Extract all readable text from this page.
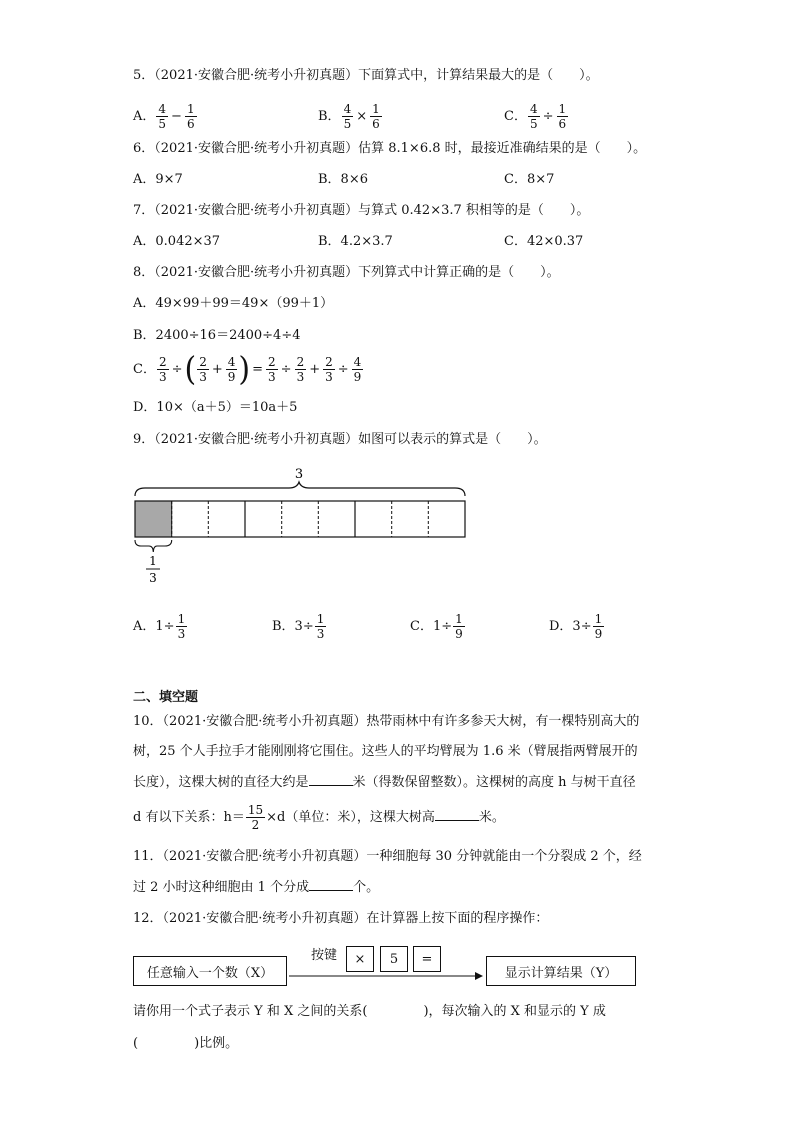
5．（2021·安徽合肥·统考小升初真题）下面算式中，计算结果最大的是（　　）。
A． $\frac{4}{5} - \frac{1}{6}$	B． $\frac{4}{5} \times \frac{1}{6}$	C． $\frac{4}{5} \div \frac{1}{6}$
6．（2021·安徽合肥·统考小升初真题）估算 8.1×6.8 时，最接近准确结果的是（　　）。
A．9×7	B．8×6	C．8×7
7．（2021·安徽合肥·统考小升初真题）与算式 0.42×3.7 积相等的是（　　）。
A．0.042×37	B．4.2×3.7	C．42×0.37
8．（2021·安徽合肥·统考小升初真题）下列算式中计算正确的是（　　）。
A．49×99＋99＝49×（99＋1）
B．2400÷16＝2400÷4÷4
C． $\frac{2}{3}$ ÷( $\frac{2}{3} + \frac{4}{9}$ ) = $\frac{2}{3} \div \frac{2}{3} + \frac{2}{3} \div \frac{4}{9}$
D．10×（a＋5）＝10a＋5
9．（2021·安徽合肥·统考小升初真题）如图可以表示的算式是（　　）。
3
1
3
A．$1\div \frac{1}{3}$	B．$3\div \frac{1}{3}$	C．$1\div \frac{1}{9}$	D．$3\div \frac{1}{9}$
二、填空题
10．（2021·安徽合肥·统考小升初真题）热带雨林中有许多参天大树，有一棵特别高大的
树，25 个人手拉手才能刚刚将它围住。这些人的平均臂展为 1.6 米（臂展指两臂展开的
长度），这棵大树的直径大约是	米（得数保留整数）。这棵树的高度 h 与树干直径
d 有以下关系：$h= \frac{15}{2} \times d$（单位：米），这棵大树高	米。
11．（2021·安徽合肥·统考小升初真题）一种细胞每 30 分钟就能由一个分裂成 2 个，经
过 2 小时这种细胞由 1 个分成	个。
12．（2021·安徽合肥·统考小升初真题）在计算器上按下面的程序操作：
任意输入一个数（X）
按键	×	5	=
显示计算结果（Y）
请你用一个式子表示 Y 和 X 之间的关系(	)，每次输入的 X 和显示的 Y 成
(	)比例。
